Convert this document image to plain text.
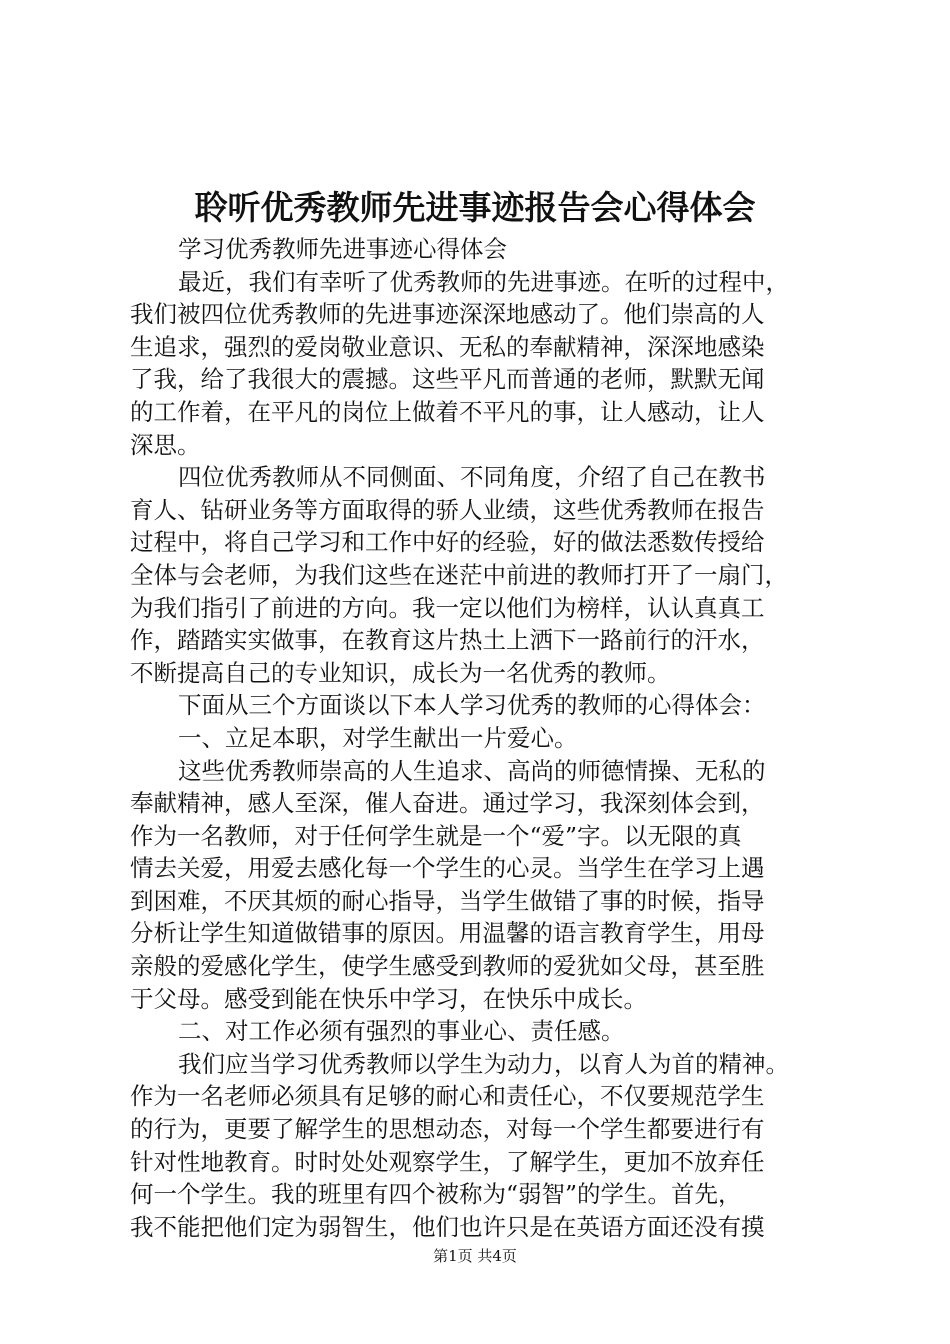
聆听优秀教师先进事迹报告会心得体会
学习优秀教师先进事迹心得体会
最近，我们有幸听了优秀教师的先进事迹。在听的过程中，
我们被四位优秀教师的先进事迹深深地感动了。他们崇高的人
生追求，强烈的爱岗敬业意识、无私的奉献精神，深深地感染
了我，给了我很大的震撼。这些平凡而普通的老师，默默无闻
的工作着，在平凡的岗位上做着不平凡的事，让人感动，让人
深思。
四位优秀教师从不同侧面、不同角度，介绍了自己在教书
育人、钻研业务等方面取得的骄人业绩，这些优秀教师在报告
过程中，将自己学习和工作中好的经验，好的做法悉数传授给
全体与会老师，为我们这些在迷茫中前进的教师打开了一扇门，
为我们指引了前进的方向。我一定以他们为榜样，认认真真工
作，踏踏实实做事，在教育这片热土上洒下一路前行的汗水，
不断提高自己的专业知识，成长为一名优秀的教师。
下面从三个方面谈以下本人学习优秀的教师的心得体会：
一、立足本职，对学生献出一片爱心。
这些优秀教师崇高的人生追求、高尚的师德情操、无私的
奉献精神，感人至深，催人奋进。通过学习，我深刻体会到，
作为一名教师，对于任何学生就是一个“爱”字。以无限的真
情去关爱，用爱去感化每一个学生的心灵。当学生在学习上遇
到困难，不厌其烦的耐心指导，当学生做错了事的时候，指导
分析让学生知道做错事的原因。用温馨的语言教育学生，用母
亲般的爱感化学生，使学生感受到教师的爱犹如父母，甚至胜
于父母。感受到能在快乐中学习，在快乐中成长。
二、对工作必须有强烈的事业心、责任感。
我们应当学习优秀教师以学生为动力，以育人为首的精神。
作为一名老师必须具有足够的耐心和责任心，不仅要规范学生
的行为，更要了解学生的思想动态，对每一个学生都要进行有
针对性地教育。时时处处观察学生，了解学生，更加不放弃任
何一个学生。我的班里有四个被称为“弱智”的学生。首先，
我不能把他们定为弱智生，他们也许只是在英语方面还没有摸
第1页 共4页
